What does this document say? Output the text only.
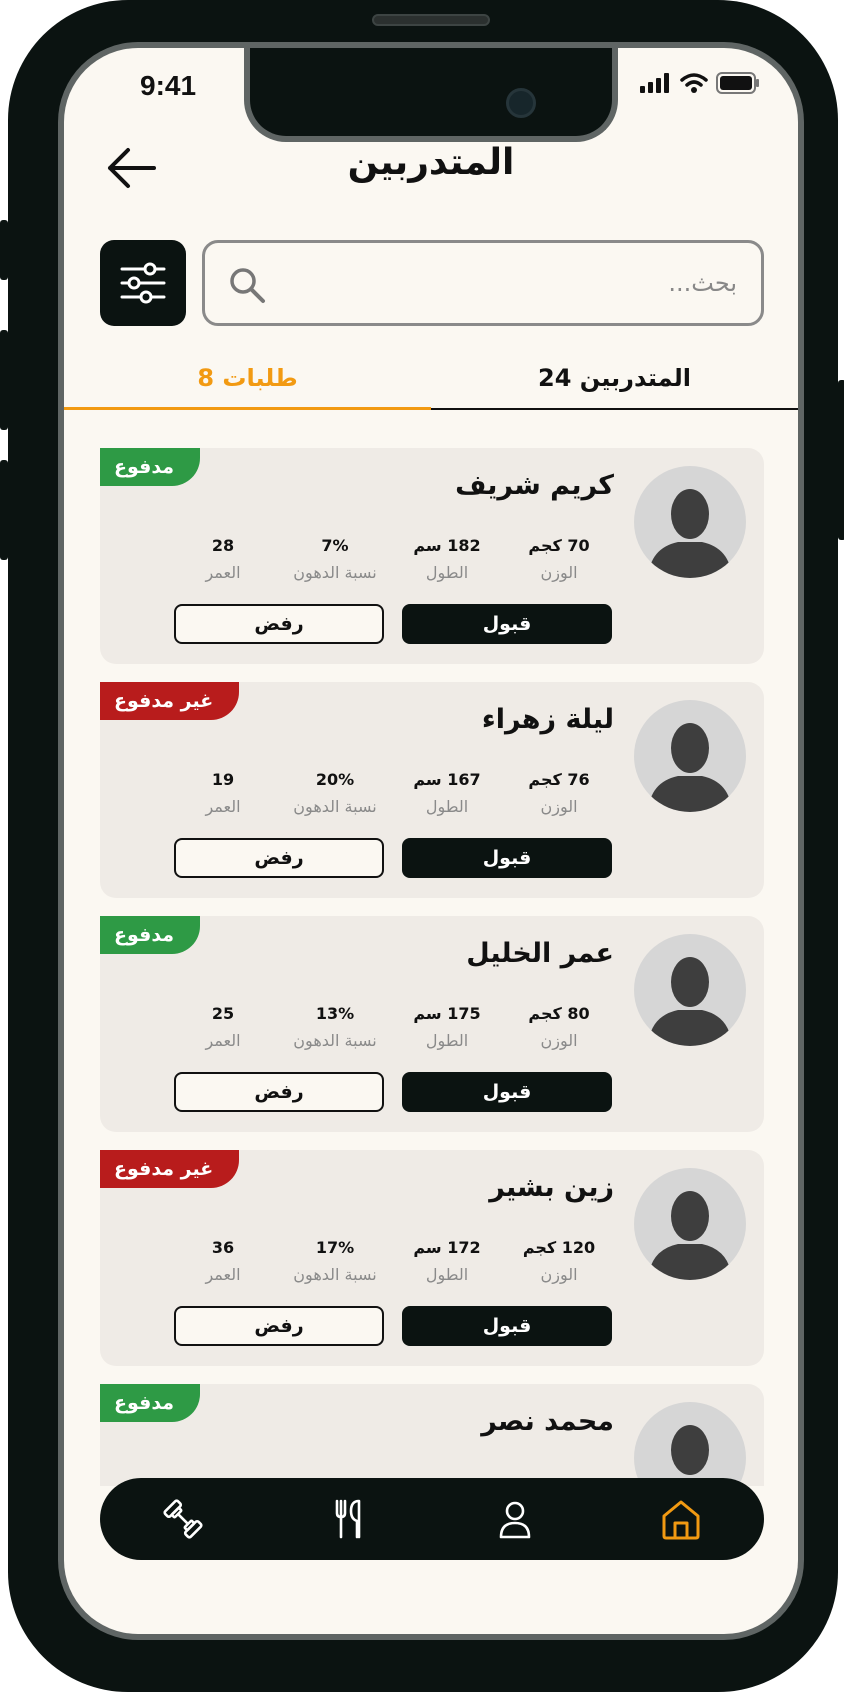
9:41
المتدربين
بحث...
المتدربين 24
طلبات 8
مدفوع
كريم شريف
70 كجم
الوزن
182 سم
الطول
7%
نسبة الدهون
28
العمر
قبول
رفض
غير مدفوع
ليلة زهراء
76 كجم
الوزن
167 سم
الطول
20%
نسبة الدهون
19
العمر
قبول
رفض
مدفوع
عمر الخليل
80 كجم
الوزن
175 سم
الطول
13%
نسبة الدهون
25
العمر
قبول
رفض
غير مدفوع
زين بشير
120 كجم
الوزن
172 سم
الطول
17%
نسبة الدهون
36
العمر
قبول
رفض
مدفوع
محمد نصر
